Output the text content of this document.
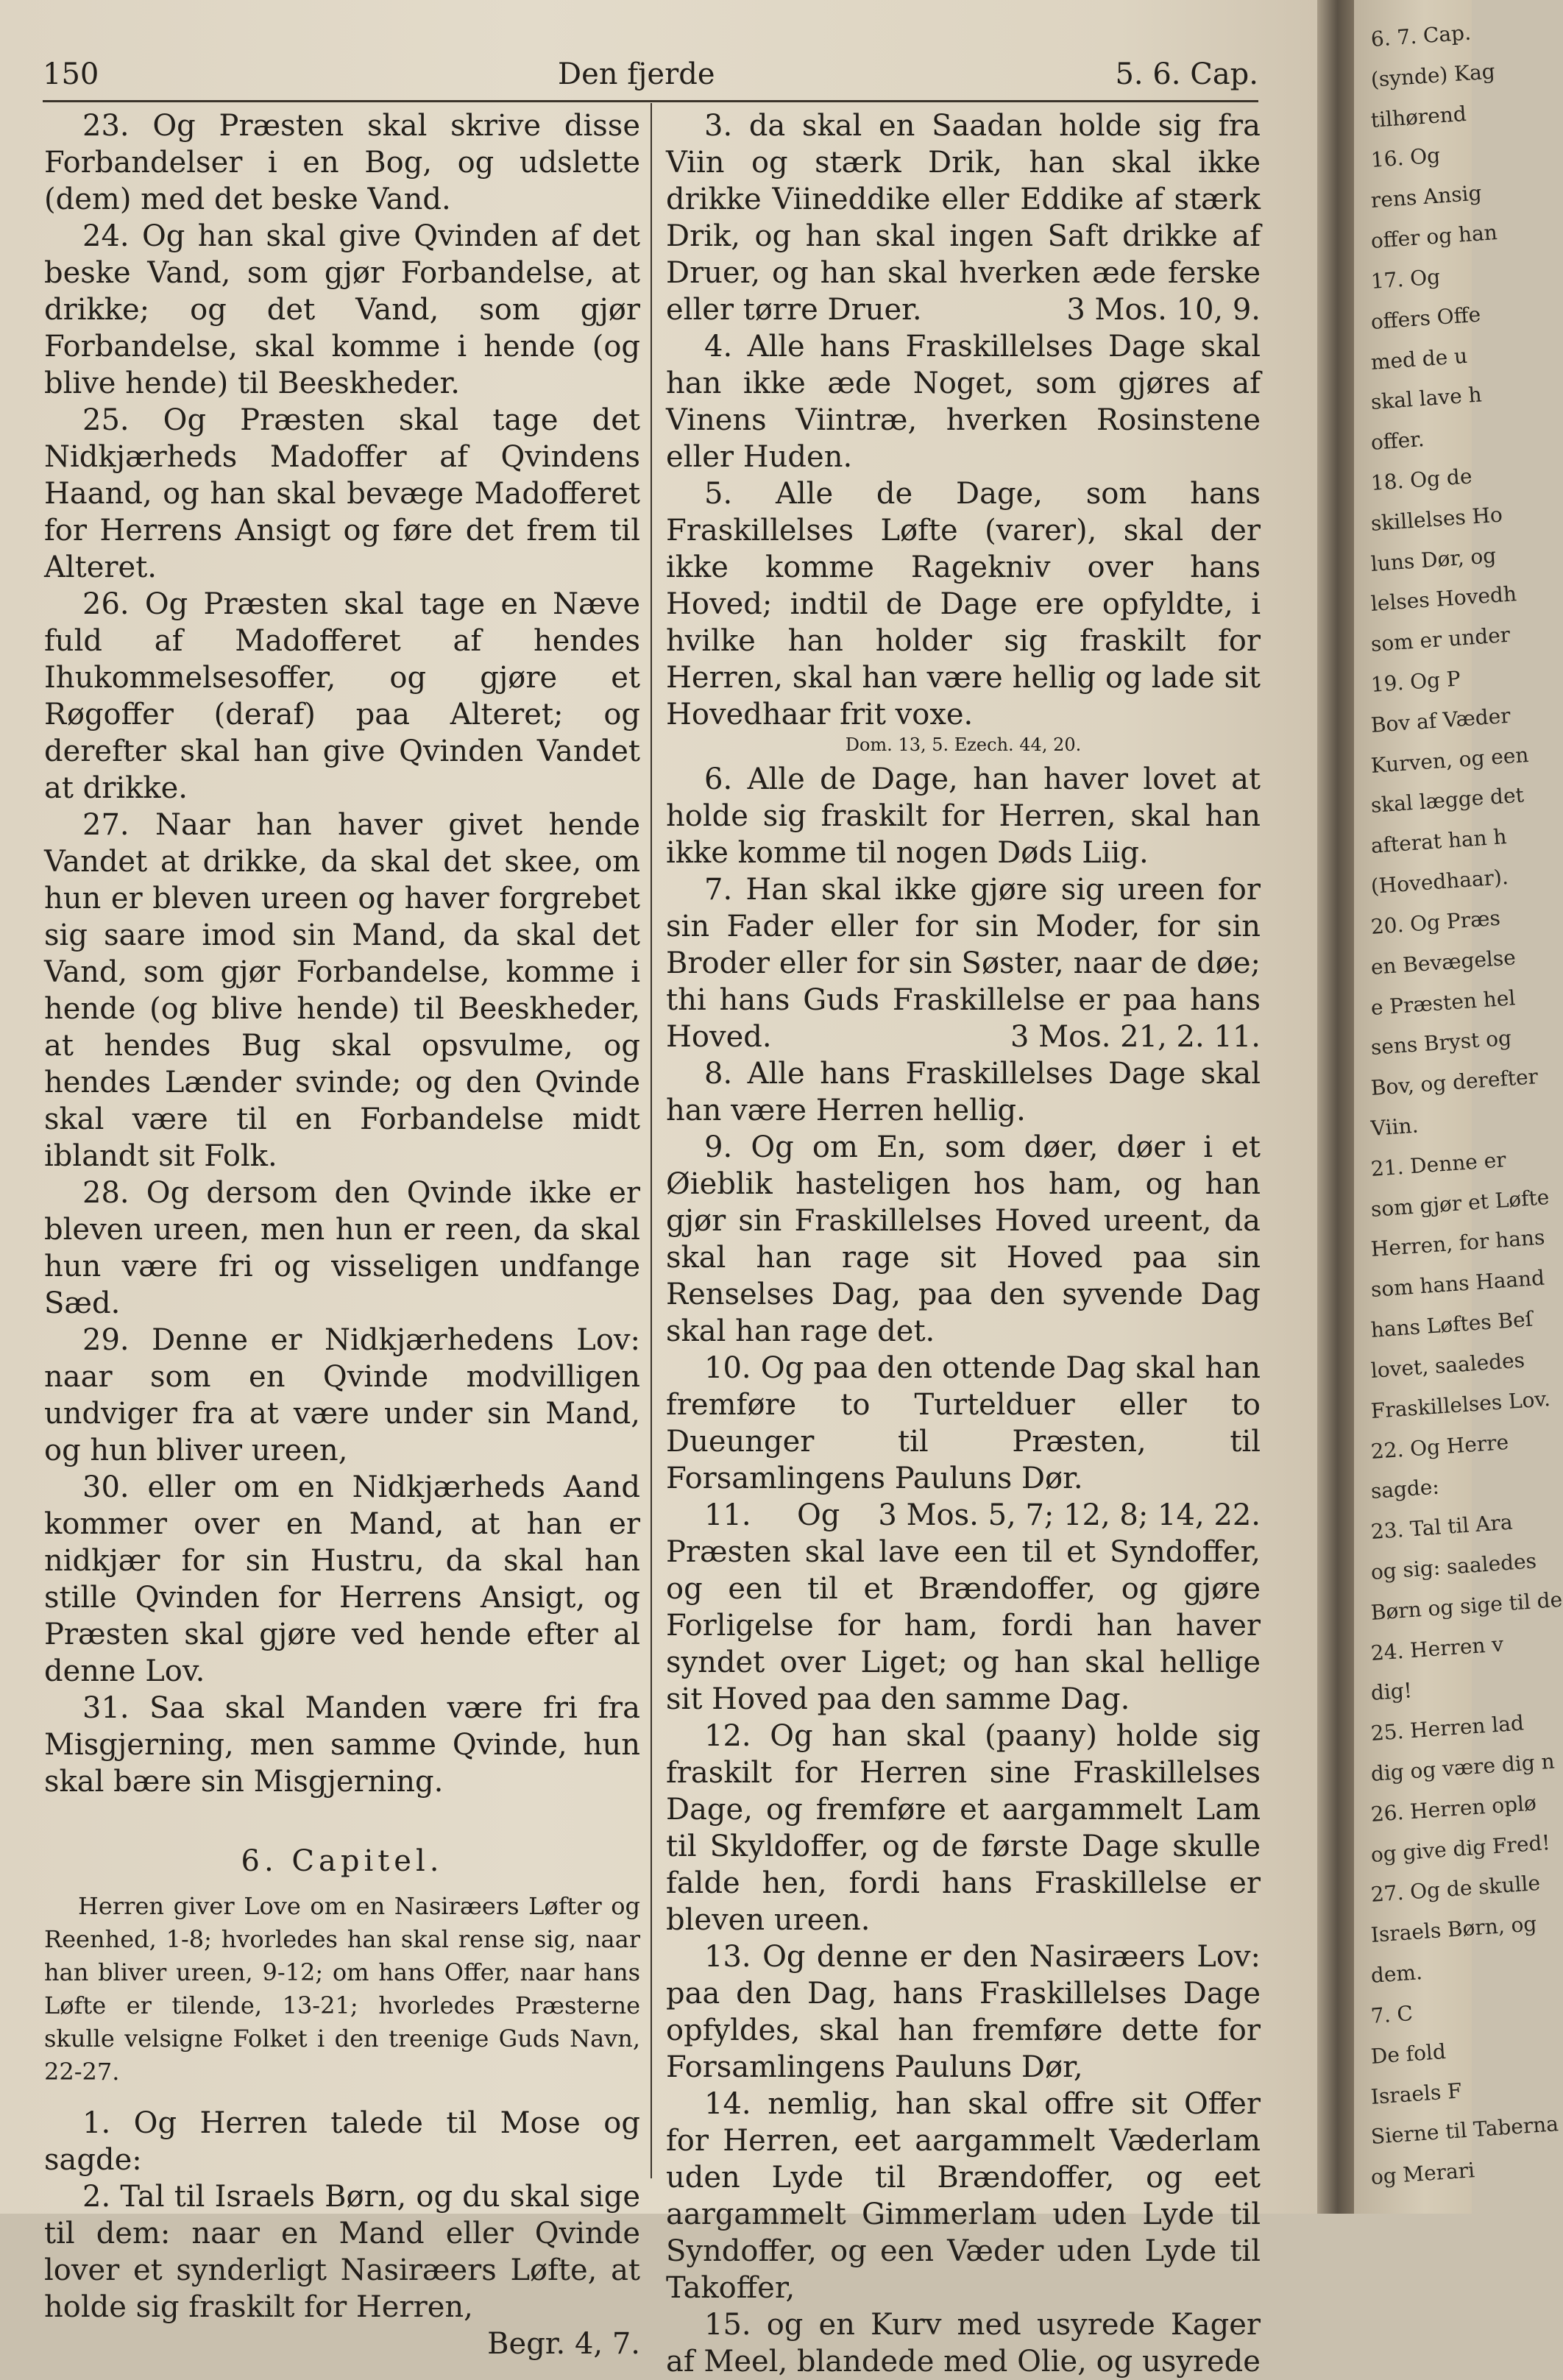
150	Den fjerde	5. 6. Cap.

23. Og Præsten skal skrive disse Forbandelser i en Bog, og udslette (dem) med det beske Vand.

24. Og han skal give Qvinden af det beske Vand, som gjør Forbandelse, at drikke; og det Vand, som gjør Forbandelse, skal komme i hende (og blive hende) til Beeskheder.

25. Og Præsten skal tage det Nidkjærheds Madoffer af Qvindens Haand, og han skal bevæge Madofferet for Herrens Ansigt og føre det frem til Alteret.

26. Og Præsten skal tage en Næve fuld af Madofferet af hendes Ihukommelsesoffer, og gjøre et Røgoffer (deraf) paa Alteret; og derefter skal han give Qvinden Vandet at drikke.

27. Naar han haver givet hende Vandet at drikke, da skal det skee, om hun er bleven ureen og haver forgrebet sig saare imod sin Mand, da skal det Vand, som gjør Forbandelse, komme i hende (og blive hende) til Beeskheder, at hendes Bug skal opsvulme, og hendes Lænder svinde; og den Qvinde skal være til en Forbandelse midt iblandt sit Folk.

28. Og dersom den Qvinde ikke er bleven ureen, men hun er reen, da skal hun være fri og visseligen undfange Sæd.

29. Denne er Nidkjærhedens Lov: naar som en Qvinde modvilligen undviger fra at være under sin Mand, og hun bliver ureen,

30. eller om en Nidkjærheds Aand kommer over en Mand, at han er nidkjær for sin Hustru, da skal han stille Qvinden for Herrens Ansigt, og Præsten skal gjøre ved hende efter al denne Lov.

31. Saa skal Manden være fri fra Misgjerning, men samme Qvinde, hun skal bære sin Misgjerning.

6. Capitel.

Herren giver Love om en Nasiræers Løfter og Reenhed, 1-8; hvorledes han skal rense sig, naar han bliver ureen, 9-12; om hans Offer, naar hans Løfte er tilende, 13-21; hvorledes Præsterne skulle velsigne Folket i den treenige Guds Navn, 22-27.

1. Og Herren talede til Mose og sagde:

2. Tal til Israels Børn, og du skal sige til dem: naar en Mand eller Qvinde lover et synderligt Nasiræers Løfte, at holde sig fraskilt for Herren,
Begr. 4, 7.

3. da skal en Saadan holde sig fra Viin og stærk Drik, han skal ikke drikke Viineddike eller Eddike af stærk Drik, og han skal ingen Saft drikke af Druer, og han skal hverken æde ferske eller tørre Druer.	3 Mos. 10, 9.

4. Alle hans Fraskillelses Dage skal han ikke æde Noget, som gjøres af Vinens Viintræ, hverken Rosinstene eller Huden.

5. Alle de Dage, som hans Fraskillelses Løfte (varer), skal der ikke komme Ragekniv over hans Hoved; indtil de Dage ere opfyldte, i hvilke han holder sig fraskilt for Herren, skal han være hellig og lade sit Hovedhaar frit voxe.

Dom. 13, 5. Ezech. 44, 20.

6. Alle de Dage, han haver lovet at holde sig fraskilt for Herren, skal han ikke komme til nogen Døds Liig.

7. Han skal ikke gjøre sig ureen for sin Fader eller for sin Moder, for sin Broder eller for sin Søster, naar de døe; thi hans Guds Fraskillelse er paa hans Hoved.	3 Mos. 21, 2. 11.

8. Alle hans Fraskillelses Dage skal han være Herren hellig.

9. Og om En, som døer, døer i et Øieblik hasteligen hos ham, og han gjør sin Fraskillelses Hoved ureent, da skal han rage sit Hoved paa sin Renselses Dag, paa den syvende Dag skal han rage det.

10. Og paa den ottende Dag skal han fremføre to Turtelduer eller to Dueunger til Præsten, til Forsamlingens Pauluns Dør.
3 Mos. 5, 7; 12, 8; 14, 22.

11. Og Præsten skal lave een til et Syndoffer, og een til et Brændoffer, og gjøre Forligelse for ham, fordi han haver syndet over Liget; og han skal hellige sit Hoved paa den samme Dag.

12. Og han skal (paany) holde sig fraskilt for Herren sine Fraskillelses Dage, og fremføre et aargammelt Lam til Skyldoffer, og de første Dage skulle falde hen, fordi hans Fraskillelse er bleven ureen.

13. Og denne er den Nasiræers Lov: paa den Dag, hans Fraskillelses Dage opfyldes, skal han fremføre dette for Forsamlingens Pauluns Dør,

14. nemlig, han skal offre sit Offer for Herren, eet aargammelt Væderlam uden Lyde til Brændoffer, og eet aargammelt Gimmerlam uden Lyde til Syndoffer, og een Væder uden Lyde til Takoffer,

15. og en Kurv med usyrede Kager af Meel, blandede med Olie, og usyrede

6. 7. Cap.
(synde) Kag
tilhørend
16. Og
rens Ansig
offer og han
17. Og
offers Offe
med de u
skal lave h
offer.
18. Og de
skillelses Ho
luns Dør, og
lelses Hovedh
som er under
19. Og P
Bov af Væder
Kurven, og een
skal lægge det
afterat han h
(Hovedhaar).
20. Og Præs
en Bevægelse
e Præsten hel
sens Bryst og
Bov, og derefter
Viin.
21. Denne er
som gjør et Løfte
Herren, for hans
som hans Haand
hans Løftes Beſ
lovet, saaledes
Fraskillelses Lov.
22. Og Herre
sagde:
23. Tal til Ara
og sig: saaledes
Børn og sige til de
24. Herren v
dig!
25. Herren lad
dig og være dig n
26. Herren oplø
og give dig Fred!
27. Og de skulle
Israels Børn, og
dem.
7. C
De fold
Israels F
Sierne til Taberna
og Merari
